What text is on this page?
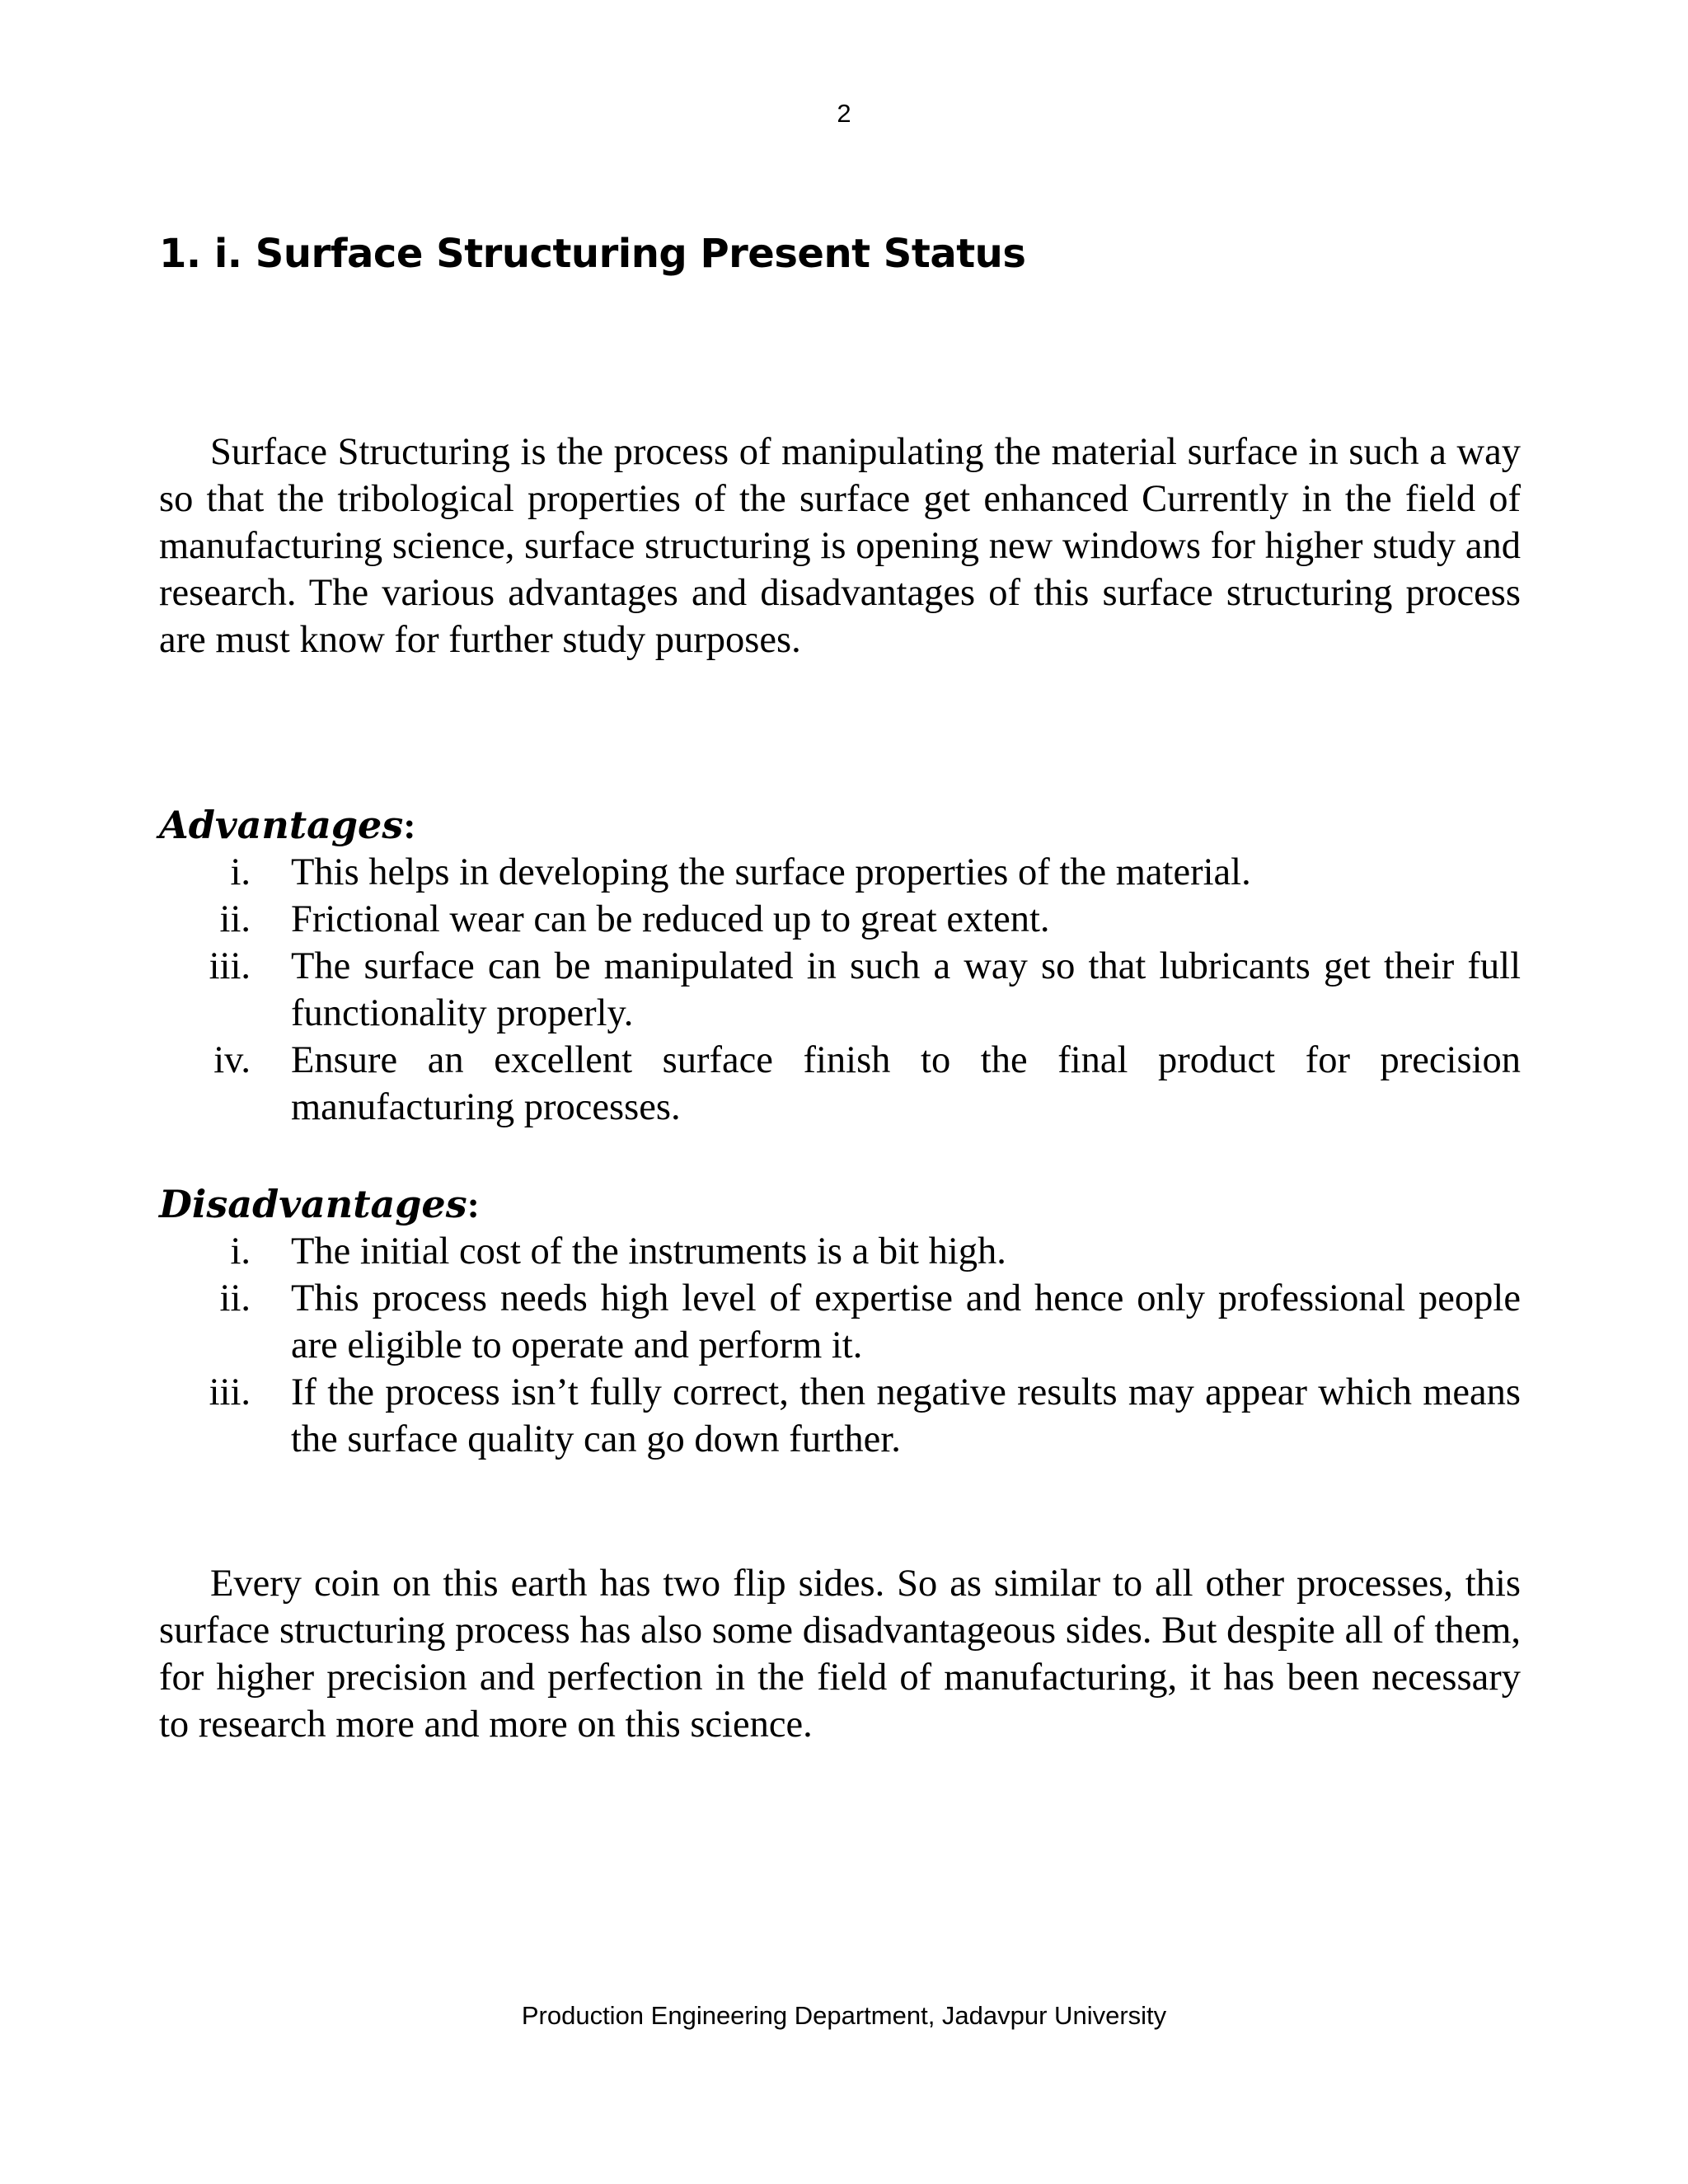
2
1. i. Surface Structuring Present Status

Surface Structuring is the process of manipulating the material surface in such a way so that the tribological properties of the surface get enhanced Currently in the field of manufacturing science, surface structuring is opening new windows for higher study and research. The various advantages and disadvantages of this surface structuring process are must know for further study purposes.

Advantages:
i.	This helps in developing the surface properties of the material.
ii.	Frictional wear can be reduced up to great extent.
iii.	The surface can be manipulated in such a way so that lubricants get their full functionality properly.
iv.	Ensure an excellent surface finish to the final product for precision manufacturing processes.
Disadvantages:
i.	The initial cost of the instruments is a bit high.
ii.	This process needs high level of expertise and hence only professional people are eligible to operate and perform it.
iii.	If the process isn’t fully correct, then negative results may appear which means the surface quality can go down further.

Every coin on this earth has two flip sides. So as similar to all other processes, this surface structuring process has also some disadvantageous sides. But despite all of them, for higher precision and perfection in the field of manufacturing, it has been necessary to research more and more on this science.

Production Engineering Department, Jadavpur University
